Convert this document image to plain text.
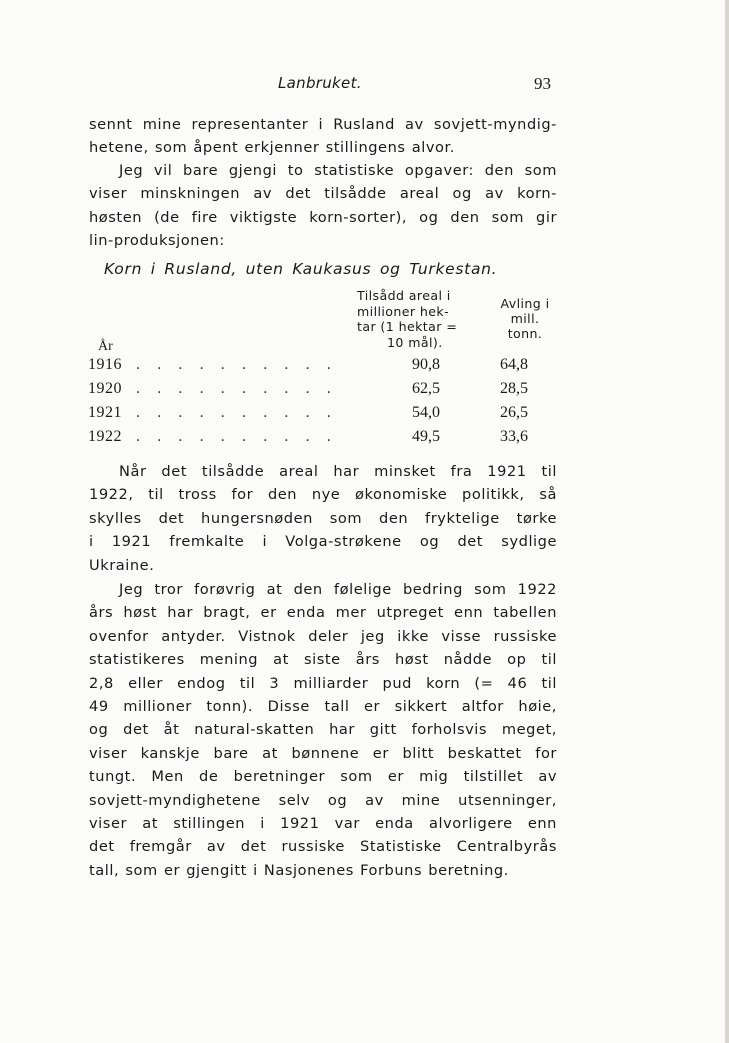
Lanbruket.	93
sennt mine representanter i Rusland av sovjett-myndig-
hetene, som åpent erkjenner stillingens alvor.
Jeg vil bare gjengi to statistiske opgaver: den som
viser minskningen av det tilsådde areal og av korn-
høsten (de fire viktigste korn-sorter), og den som gir
lin-produksjonen:
Korn i Rusland, uten Kaukasus og Turkestan.
Tilsådd areal i
millioner hek-
tar (1 hektar =
10 mål).
Avling i
mill.
tonn.
År
1916 . . . . . . . . . .	90,8	64,8
1920 . . . . . . . . . .	62,5	28,5
1921 . . . . . . . . . .	54,0	26,5
1922 . . . . . . . . . .	49,5	33,6
Når det tilsådde areal har minsket fra 1921 til
1922, til tross for den nye økonomiske politikk, så
skylles det hungersnøden som den fryktelige tørke
i 1921 fremkalte i Volga-strøkene og det sydlige
Ukraine.
Jeg tror forøvrig at den følelige bedring som 1922
års høst har bragt, er enda mer utpreget enn tabellen
ovenfor antyder. Vistnok deler jeg ikke visse russiske
statistikeres mening at siste års høst nådde op til
2,8 eller endog til 3 milliarder pud korn (= 46 til
49 millioner tonn). Disse tall er sikkert altfor høie,
og det åt natural-skatten har gitt forholsvis meget,
viser kanskje bare at bønnene er blitt beskattet for
tungt. Men de beretninger som er mig tilstillet av
sovjett-myndighetene selv og av mine utsenninger,
viser at stillingen i 1921 var enda alvorligere enn
det fremgår av det russiske Statistiske Centralbyrås
tall, som er gjengitt i Nasjonenes Forbuns beretning.
